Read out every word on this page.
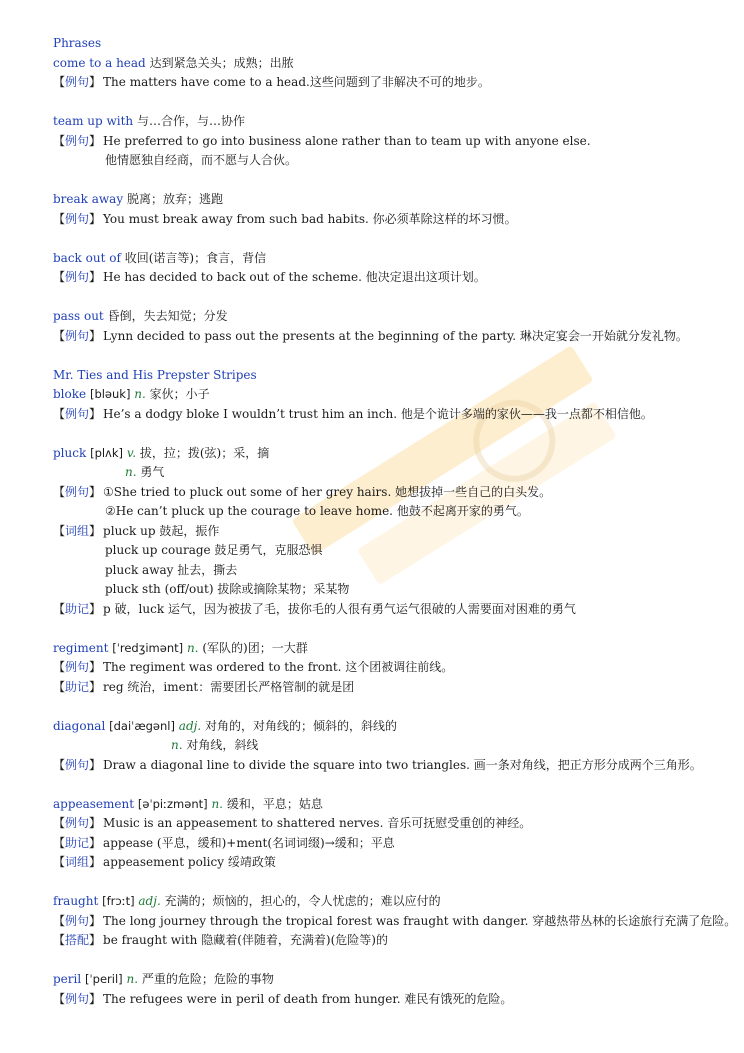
Phrases
come to a head 达到紧急关头；成熟；出脓
【例句】 The matters have come to a head.这些问题到了非解决不可的地步。
team up with 与…合作，与…协作
【例句】 He preferred to go into business alone rather than to team up with anyone else.
他情愿独自经商，而不愿与人合伙。
break away 脱离；放弃；逃跑
【例句】 You must break away from such bad habits. 你必须革除这样的坏习惯。
back out of 收回(诺言等)；食言，背信
【例句】 He has decided to back out of the scheme. 他决定退出这项计划。
pass out 昏倒，失去知觉；分发
【例句】 Lynn decided to pass out the presents at the beginning of the party. 琳决定宴会一开始就分发礼物。
Mr. Ties and His Prepster Stripes
bloke [bləuk] n. 家伙；小子
【例句】 He’s a dodgy bloke I wouldn’t trust him an inch. 他是个诡计多端的家伙——我一点都不相信他。
pluck [plʌk] v. 拔，拉；拨(弦)；采，摘
n. 勇气
【例句】 ①She tried to pluck out some of her grey hairs. 她想拔掉一些自己的白头发。
②He can’t pluck up the courage to leave home. 他鼓不起离开家的勇气。
【词组】 pluck up 鼓起，振作
pluck up courage 鼓足勇气，克服恐惧
pluck away 扯去，撕去
pluck sth (off/out) 拔除或摘除某物；采某物
【助记】 p 破，luck 运气，因为被拔了毛，拔你毛的人很有勇气运气很破的人需要面对困难的勇气
regiment [ˈredʒimənt] n. (军队的)团；一大群
【例句】 The regiment was ordered to the front. 这个团被调往前线。
【助记】 reg 统治，iment：需要团长严格管制的就是团
diagonal [daiˈægənl] adj. 对角的，对角线的；倾斜的，斜线的
n. 对角线，斜线
【例句】 Draw a diagonal line to divide the square into two triangles. 画一条对角线，把正方形分成两个三角形。
appeasement [əˈpiːzmənt] n. 缓和，平息；姑息
【例句】 Music is an appeasement to shattered nerves. 音乐可抚慰受重创的神经。
【助记】 appease (平息，缓和)+ment(名词词缀)→缓和；平息
【词组】 appeasement policy 绥靖政策
fraught [frɔːt] adj. 充满的；烦恼的，担心的，令人忧虑的；难以应付的
【例句】 The long journey through the tropical forest was fraught with danger. 穿越热带丛林的长途旅行充满了危险。
【搭配】 be fraught with 隐藏着(伴随着，充满着)(危险等)的
peril [ˈperil] n. 严重的危险；危险的事物
【例句】 The refugees were in peril of death from hunger. 难民有饿死的危险。
